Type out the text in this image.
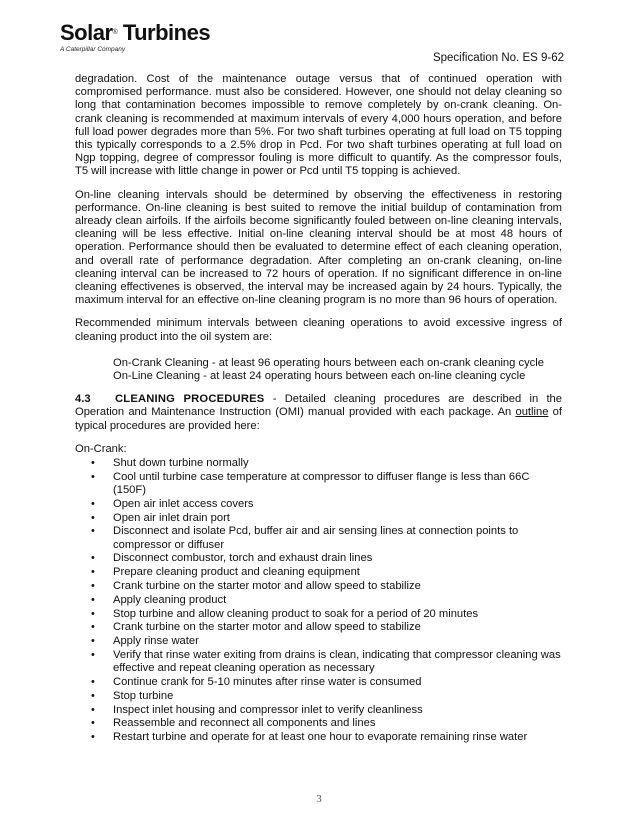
Solar® Turbines
A Caterpillar Company
Specification No. ES 9-62

degradation. Cost of the maintenance outage versus that of continued operation with compromised performance. must also be considered. However, one should not delay cleaning so long that contamination becomes impossible to remove completely by on-crank cleaning. On-crank cleaning is recommended at maximum intervals of every 4,000 hours operation, and before full load power degrades more than 5%. For two shaft turbines operating at full load on T5 topping this typically corresponds to a 2.5% drop in Pcd. For two shaft turbines operating at full load on Ngp topping, degree of compressor fouling is more difficult to quantify. As the compressor fouls, T5 will increase with little change in power or Pcd until T5 topping is achieved.

On-line cleaning intervals should be determined by observing the effectiveness in restoring performance. On-line cleaning is best suited to remove the initial buildup of contamination from already clean airfoils. If the airfoils become significantly fouled between on-line cleaning intervals, cleaning will be less effective. Initial on-line cleaning interval should be at most 48 hours of operation. Performance should then be evaluated to determine effect of each cleaning operation, and overall rate of performance degradation. After completing an on-crank cleaning, on-line cleaning interval can be increased to 72 hours of operation. If no significant difference in on-line cleaning effectivenes is observed, the interval may be increased again by 24 hours. Typically, the maximum interval for an effective on-line cleaning program is no more than 96 hours of operation.

Recommended minimum intervals between cleaning operations to avoid excessive ingress of cleaning product into the oil system are:

On-Crank Cleaning - at least 96 operating hours between each on-crank cleaning cycle

On-Line Cleaning - at least 24 operating hours between each on-line cleaning cycle

4.3 CLEANING PROCEDURES - Detailed cleaning procedures are described in the Operation and Maintenance Instruction (OMI) manual provided with each package. An outline of typical procedures are provided here:

On-Crank:

• Shut down turbine normally
• Cool until turbine case temperature at compressor to diffuser flange is less than 66C (150F)
• Open air inlet access covers
• Open air inlet drain port
• Disconnect and isolate Pcd, buffer air and air sensing lines at connection points to compressor or diffuser
• Disconnect combustor, torch and exhaust drain lines
• Prepare cleaning product and cleaning equipment
• Crank turbine on the starter motor and allow speed to stabilize
• Apply cleaning product
• Stop turbine and allow cleaning product to soak for a period of 20 minutes
• Crank turbine on the starter motor and allow speed to stabilize
• Apply rinse water
• Verify that rinse water exiting from drains is clean, indicating that compressor cleaning was effective and repeat cleaning operation as necessary
• Continue crank for 5-10 minutes after rinse water is consumed
• Stop turbine
• Inspect inlet housing and compressor inlet to verify cleanliness
• Reassemble and reconnect all components and lines
• Restart turbine and operate for at least one hour to evaporate remaining rinse water
3
